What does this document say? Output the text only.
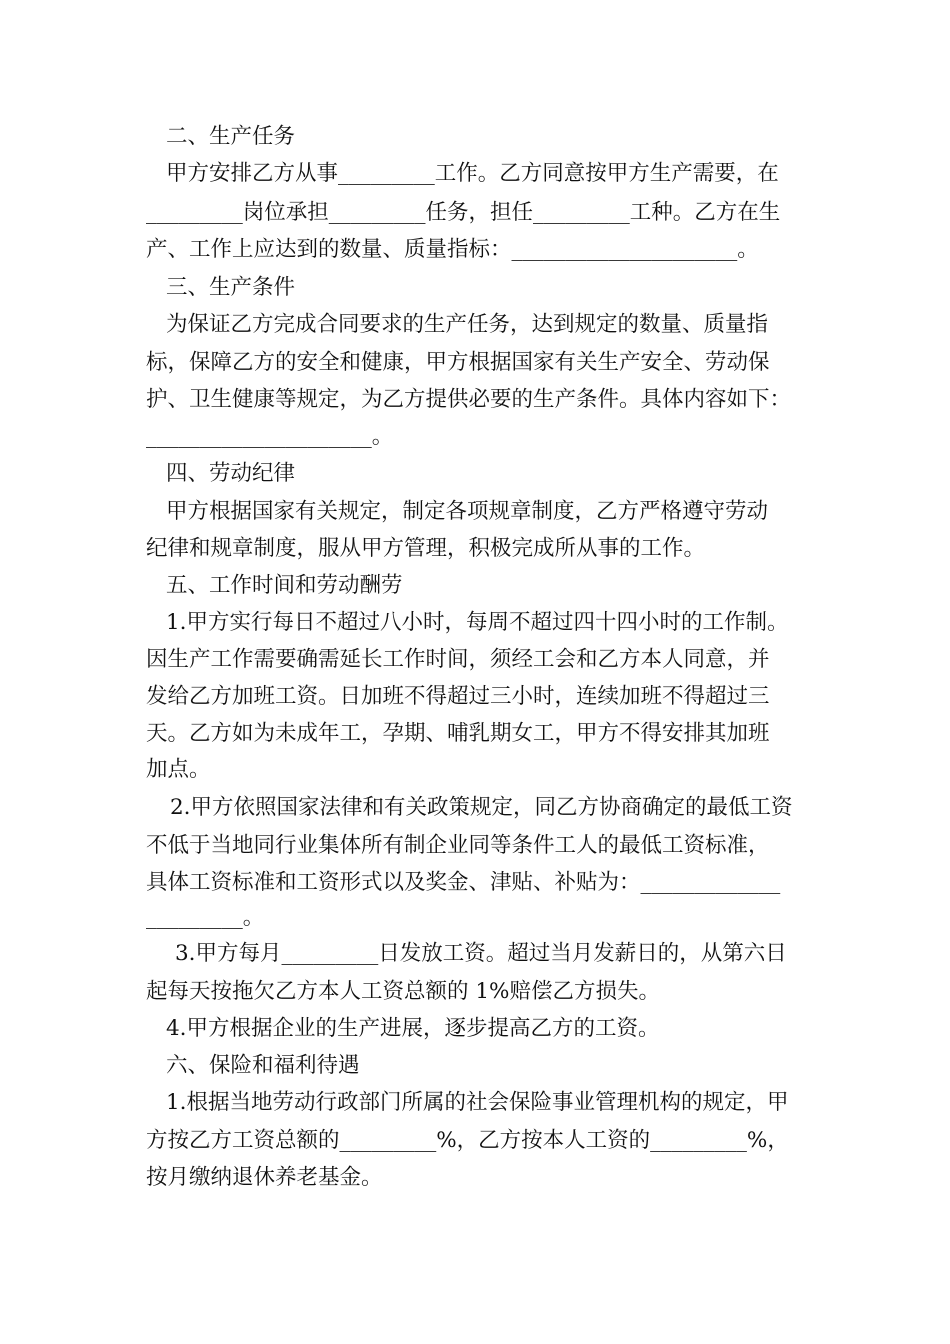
二、生产任务
甲方安排乙方从事_________工作。乙方同意按甲方生产需要，在
_________岗位承担_________任务，担任_________工种。乙方在生
产、工作上应达到的数量、质量指标：_____________________。
三、生产条件
为保证乙方完成合同要求的生产任务，达到规定的数量、质量指
标，保障乙方的安全和健康，甲方根据国家有关生产安全、劳动保
护、卫生健康等规定，为乙方提供必要的生产条件。具体内容如下：
_____________________。
四、劳动纪律
甲方根据国家有关规定，制定各项规章制度，乙方严格遵守劳动
纪律和规章制度，服从甲方管理，积极完成所从事的工作。
五、工作时间和劳动酬劳
1.甲方实行每日不超过八小时，每周不超过四十四小时的工作制。
因生产工作需要确需延长工作时间，须经工会和乙方本人同意，并
发给乙方加班工资。日加班不得超过三小时，连续加班不得超过三
天。乙方如为未成年工，孕期、哺乳期女工，甲方不得安排其加班
加点。
2.甲方依照国家法律和有关政策规定，同乙方协商确定的最低工资
不低于当地同行业集体所有制企业同等条件工人的最低工资标准，
具体工资标准和工资形式以及奖金、津贴、补贴为：_____________
_________。
3.甲方每月_________日发放工资。超过当月发薪日的，从第六日
起每天按拖欠乙方本人工资总额的 1%赔偿乙方损失。
4.甲方根据企业的生产进展，逐步提高乙方的工资。
六、保险和福利待遇
1.根据当地劳动行政部门所属的社会保险事业管理机构的规定，甲
方按乙方工资总额的_________%，乙方按本人工资的_________%，
按月缴纳退休养老基金。
